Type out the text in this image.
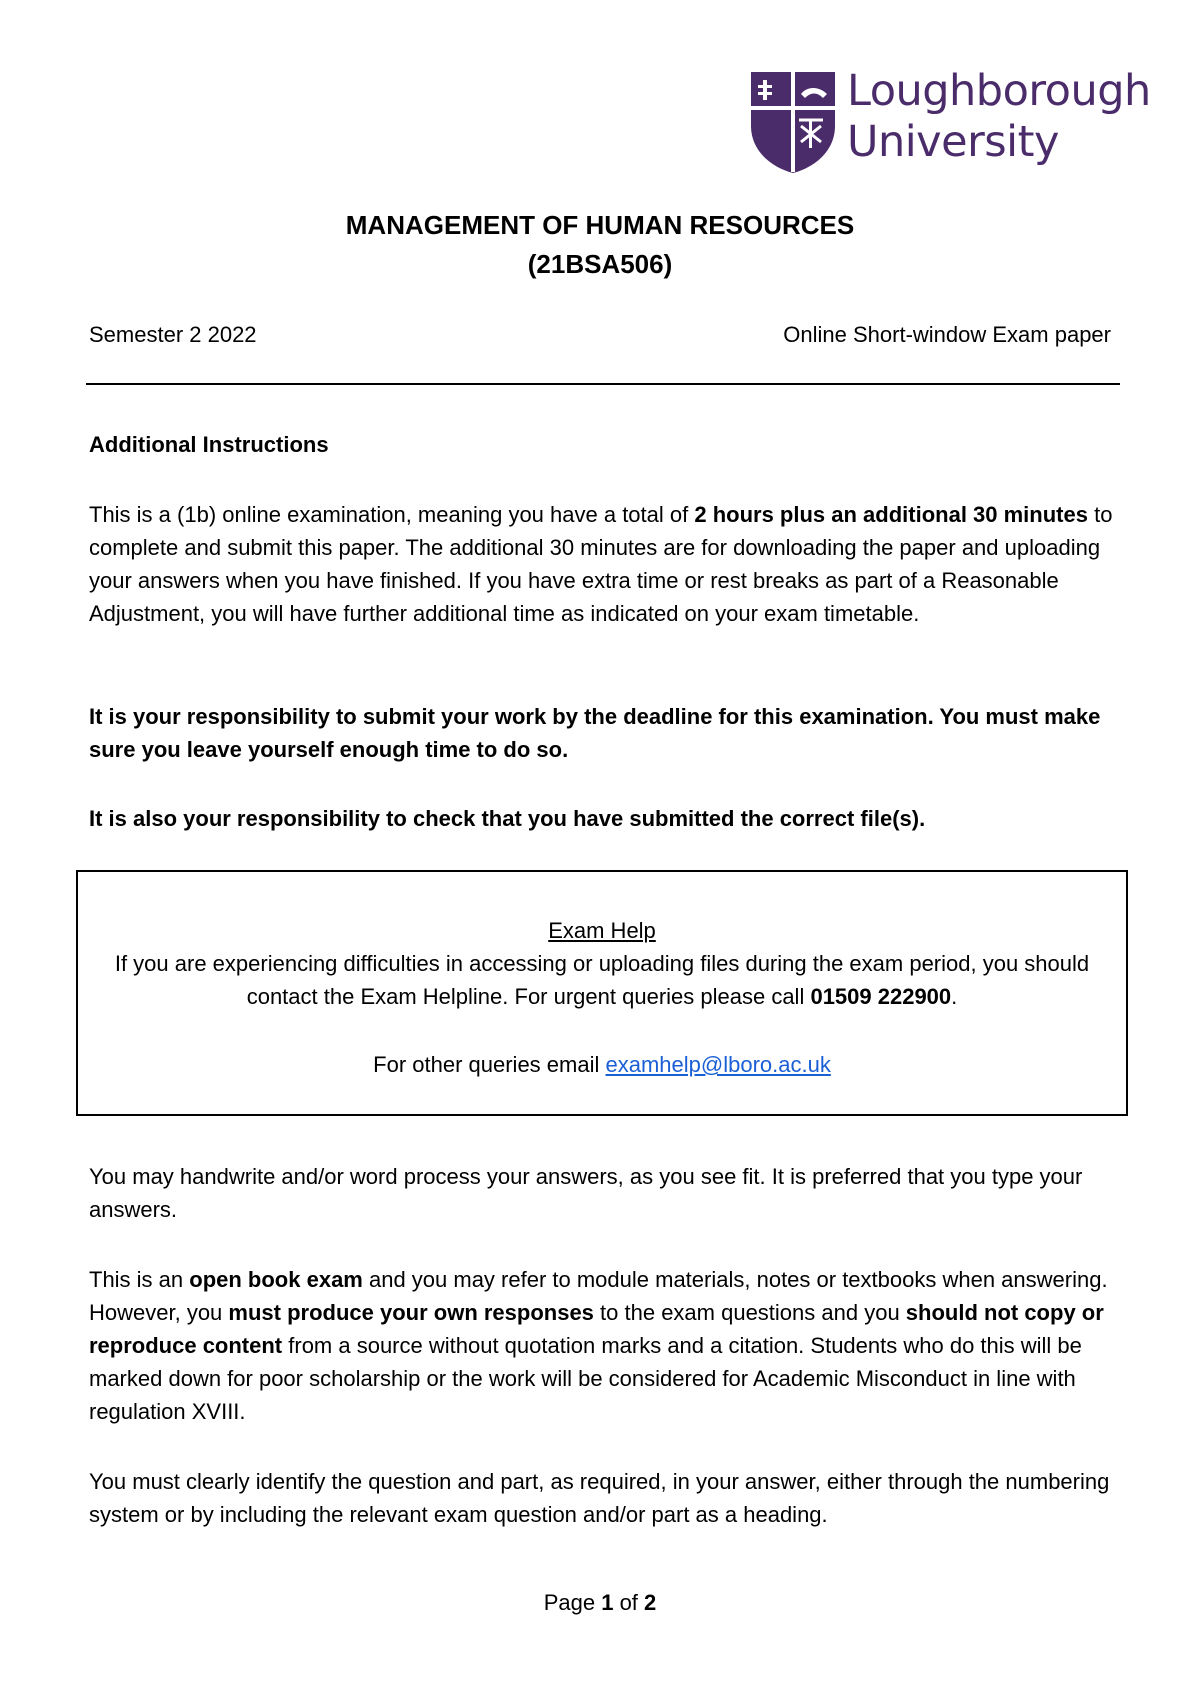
Loughborough
University
MANAGEMENT OF HUMAN RESOURCES
(21BSA506)
Semester 2 2022	Online Short-window Exam paper

Additional Instructions

This is a (1b) online examination, meaning you have a total of 2 hours plus an additional 30 minutes to complete and submit this paper. The additional 30 minutes are for downloading the paper and uploading your answers when you have finished. If you have extra time or rest breaks as part of a Reasonable Adjustment, you will have further additional time as indicated on your exam timetable.

It is your responsibility to submit your work by the deadline for this examination. You must make sure you leave yourself enough time to do so.

It is also your responsibility to check that you have submitted the correct file(s).

Exam Help
If you are experiencing difficulties in accessing or uploading files during the exam period, you should contact the Exam Helpline. For urgent queries please call 01509 222900.
For other queries email examhelp@lboro.ac.uk

You may handwrite and/or word process your answers, as you see fit. It is preferred that you type your answers.

This is an open book exam and you may refer to module materials, notes or textbooks when answering. However, you must produce your own responses to the exam questions and you should not copy or reproduce content from a source without quotation marks and a citation. Students who do this will be marked down for poor scholarship or the work will be considered for Academic Misconduct in line with regulation XVIII.

You must clearly identify the question and part, as required, in your answer, either through the numbering system or by including the relevant exam question and/or part as a heading.

Page 1 of 2
